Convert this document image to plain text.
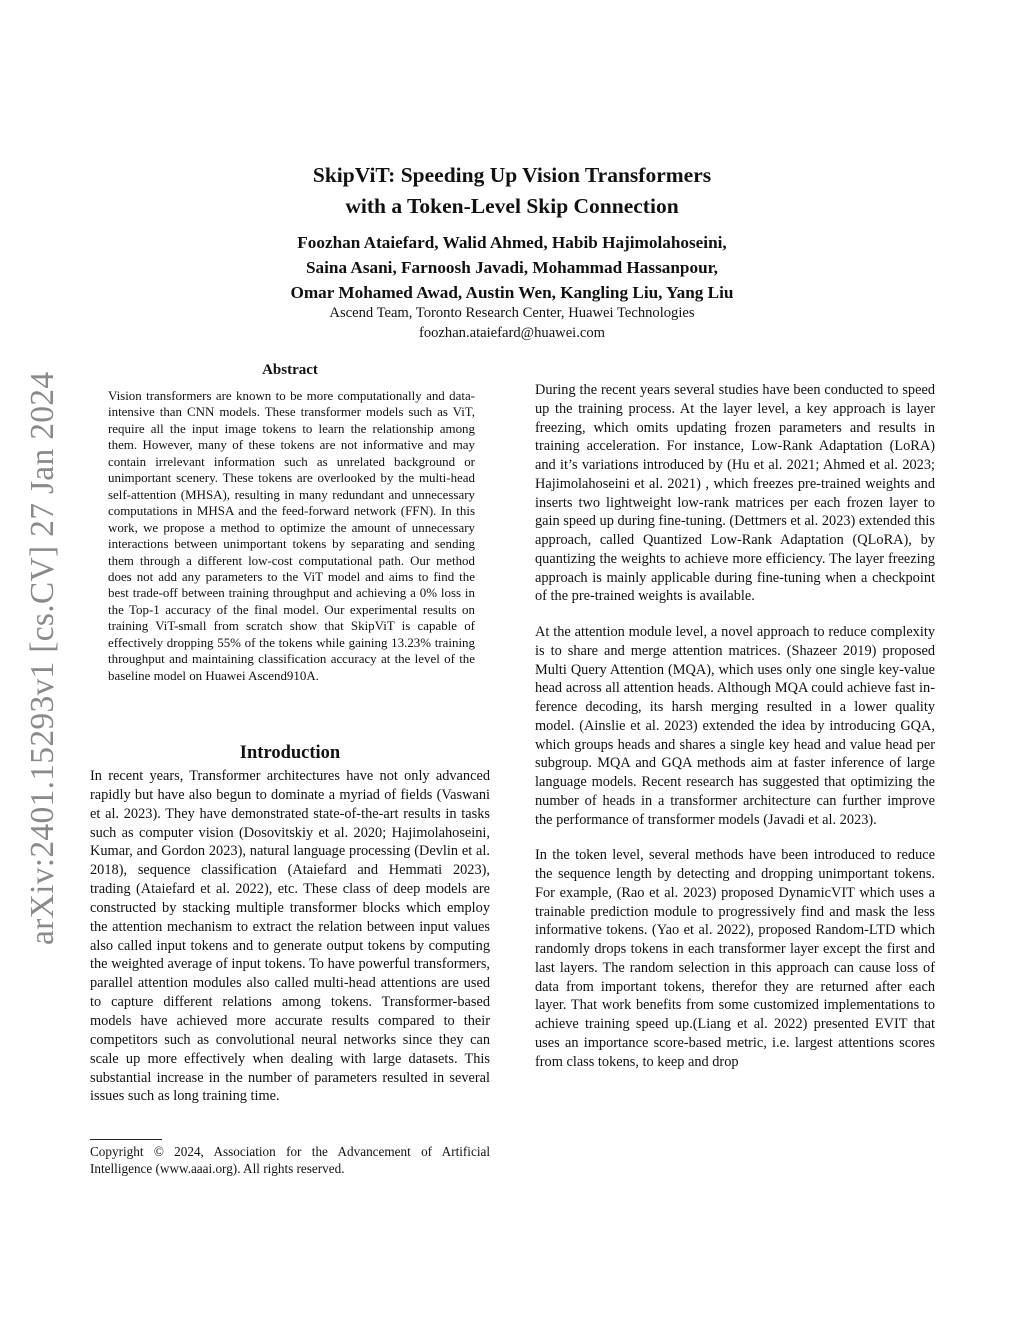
arXiv:2401.15293v1 [cs.CV] 27 Jan 2024
SkipViT: Speeding Up Vision Transformers
with a Token-Level Skip Connection
Foozhan Ataiefard, Walid Ahmed, Habib Hajimolahoseini,
Saina Asani, Farnoosh Javadi, Mohammad Hassanpour,
Omar Mohamed Awad, Austin Wen, Kangling Liu, Yang Liu
Ascend Team, Toronto Research Center, Huawei Technologies
foozhan.ataiefard@huawei.com
Abstract

Vision transformers are known to be more computationally and data-intensive than CNN models. These transformer models such as ViT, require all the input image tokens to learn the relationship among them. However, many of these tokens are not informative and may contain irrelevant information such as unrelated background or unimportant scenery. These tokens are overlooked by the multi-head self-attention (MHSA), resulting in many redundant and unnecessary computations in MHSA and the feed-forward network (FFN). In this work, we propose a method to optimize the amount of unnecessary interactions between unimportant tokens by separating and sending them through a different low-cost computational path. Our method does not add any parameters to the ViT model and aims to find the best trade-off between training throughput and achieving a 0% loss in the Top-1 accuracy of the final model. Our experimental results on training ViT-small from scratch show that SkipViT is capable of effectively dropping 55% of the tokens while gaining 13.23% training throughput and maintaining classification accuracy at the level of the baseline model on Huawei Ascend910A.

Introduction

In recent years, Transformer architectures have not only advanced rapidly but have also begun to dominate a myriad of fields (Vaswani et al. 2023). They have demonstrated state-of-the-art results in tasks such as computer vision (Dosovitskiy et al. 2020; Hajimolahoseini, Kumar, and Gordon 2023), natural language processing (Devlin et al. 2018), sequence classification (Ataiefard and Hemmati 2023), trading (Ataiefard et al. 2022), etc. These class of deep models are constructed by stacking multiple transformer blocks which employ the attention mechanism to extract the relation between input values also called input tokens and to generate output tokens by computing the weighted average of input tokens. To have powerful transformers, parallel attention modules also called multi-head attentions are used to capture different relations among tokens. Transformer-based models have achieved more accurate results compared to their competitors such as convolutional neural networks since they can scale up more effectively when dealing with large datasets. This substantial increase in the number of parameters resulted in several issues such as long training time.

Copyright © 2024, Association for the Advancement of Artificial Intelligence (www.aaai.org). All rights reserved.

During the recent years several studies have been conducted to speed up the training process. At the layer level, a key approach is layer freezing, which omits updating frozen parameters and results in training acceleration. For instance, Low-Rank Adaptation (LoRA) and it’s variations introduced by (Hu et al. 2021; Ahmed et al. 2023; Hajimolahoseini et al. 2021) , which freezes pre-trained weights and inserts two lightweight low-rank matrices per each frozen layer to gain speed up during fine-tuning. (Dettmers et al. 2023) extended this approach, called Quantized Low-Rank Adaptation (QLoRA), by quantizing the weights to achieve more efficiency. The layer freezing approach is mainly applicable during fine-tuning when a checkpoint of the pre-trained weights is available.

At the attention module level, a novel approach to reduce complexity is to share and merge attention matrices. (Shazeer 2019) proposed Multi Query Attention (MQA), which uses only one single key-value head across all attention heads. Although MQA could achieve fast inference decoding, its harsh merging resulted in a lower quality model. (Ainslie et al. 2023) extended the idea by introducing GQA, which groups heads and shares a single key head and value head per subgroup. MQA and GQA methods aim at faster inference of large language models. Recent research has suggested that optimizing the number of heads in a transformer architecture can further improve the performance of transformer models (Javadi et al. 2023).

In the token level, several methods have been introduced to reduce the sequence length by detecting and dropping unimportant tokens. For example, (Rao et al. 2023) proposed DynamicVIT which uses a trainable prediction module to progressively find and mask the less informative tokens. (Yao et al. 2022), proposed Random-LTD which randomly drops tokens in each transformer layer except the first and last layers. The random selection in this approach can cause loss of data from important tokens, therefor they are returned after each layer. That work benefits from some customized implementations to achieve training speed up.(Liang et al. 2022) presented EVIT that uses an importance score-based metric, i.e. largest attentions scores from class tokens, to keep and drop
